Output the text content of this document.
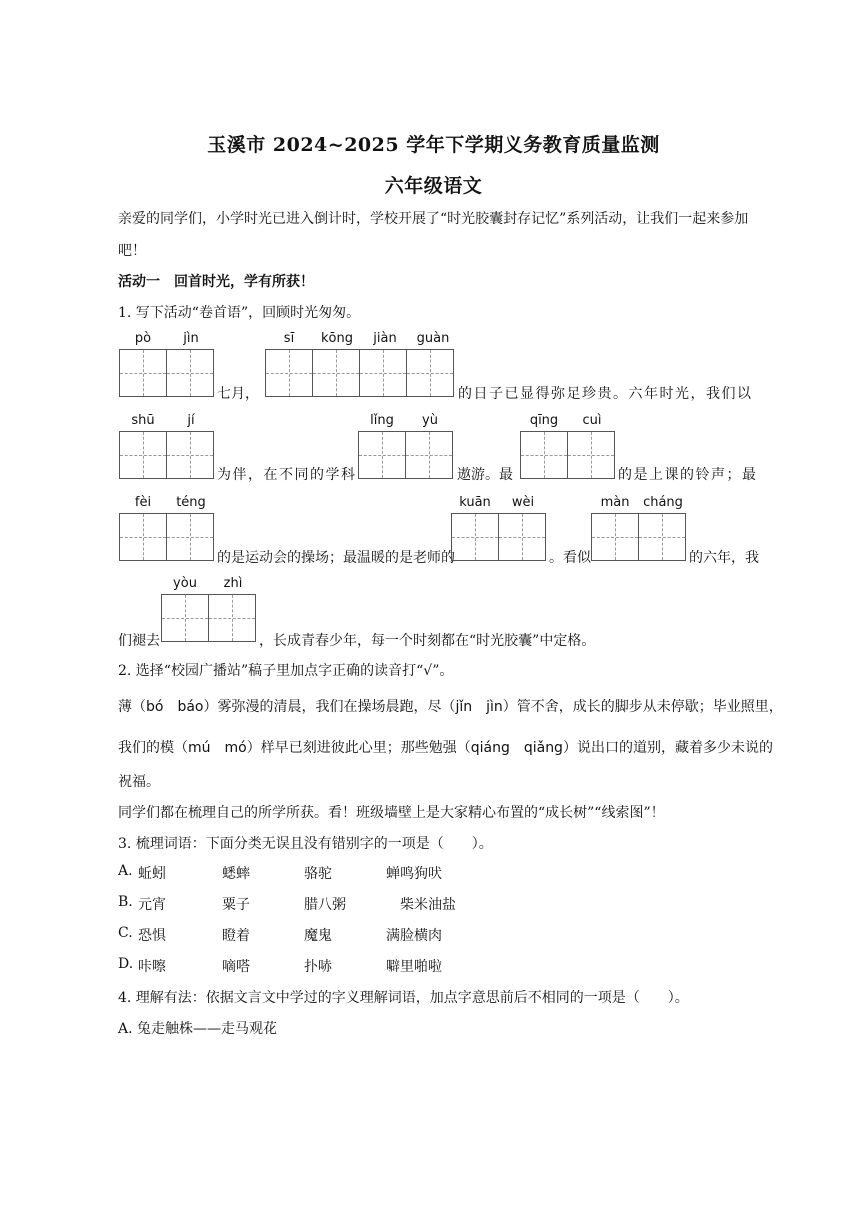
玉溪市 2024~2025 学年下学期义务教育质量监测
六年级语文
亲爱的同学们，小学时光已进入倒计时，学校开展了“时光胶囊封存记忆”系列活动，让我们一起来参加
吧！
活动一　回首时光，学有所获！
1. 写下活动“卷首语”，回顾时光匆匆。
pò	jìn
七月，
sī	kōng	jiàn	guàn
的日子已显得弥足珍贵。六年时光，我们以
shū	jí
为伴，在不同的学科
lǐng	yù
遨游。最
qīng	cuì
的是上课的铃声；最
fèi	téng
的是运动会的操场；最温暖的是老师的
kuān	wèi
。看似
màn	cháng
的六年，我
们褪去
yòu	zhì
，长成青春少年，每一个时刻都在“时光胶囊”中定格。
2. 选择“校园广播站”稿子里加点字正确的读音打“√”。
薄（bó　báo）雾弥漫的清晨，我们在操场晨跑，尽（jǐn　jìn）管不舍，成长的脚步从未停歇；毕业照里，
我们的模（mú　mó）样早已刻进彼此心里；那些勉强（qiáng　qiǎng）说出口的道别，藏着多少未说的
祝福。
同学们都在梳理自己的所学所获。看！班级墙壁上是大家精心布置的“成长树”“线索图”！
3. 梳理词语：下面分类无误且没有错别字的一项是（　　）。
A. 蚯蚓	蟋蟀	骆驼	蝉鸣狗吠
B. 元宵	粟子	腊八粥	柴米油盐
C. 恐惧	瞪着	魔鬼	满脸横肉
D. 咔嚓	嘀嗒	扑哧	噼里啪啦
4. 理解有法：依据文言文中学过的字义理解词语，加点字意思前后不相同的一项是（　　）。
A. 兔走触株——走马观花
